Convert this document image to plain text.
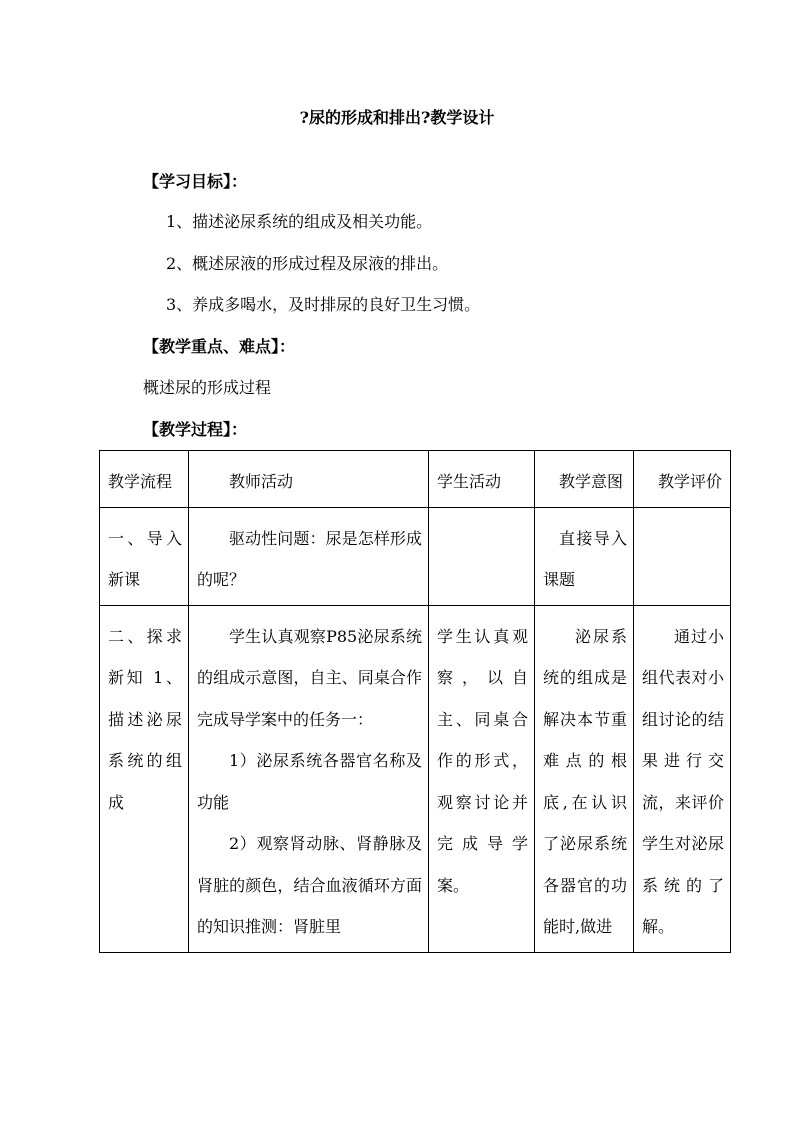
?尿的形成和排出?教学设计
【学习目标】：
1、描述泌尿系统的组成及相关功能。
2、概述尿液的形成过程及尿液的排出。
3、养成多喝水，及时排尿的良好卫生习惯。
【教学重点、难点】：
概述尿的形成过程
【教学过程】：
教学流程	教师活动	学生活动	教学意图	教学评价

一、导入新课	驱动性问题：尿是怎样形成的呢？		直接导入课题	

二、探求新知 1、 描述泌尿系统的组成	学生认真观察P85泌尿系统的组成示意图，自主、同桌合作完成导学案中的任务一：
1）泌尿系统各器官名称及功能
2）观察肾动脉、肾静脉及肾脏的颜色，结合血液循环方面的知识推测：肾脏里	学生认真观察，以自主、同桌合作的形式，观察讨论并完成导学案。	泌尿系统的组成是解决本节重难点的根底,在认识了泌尿系统各器官的功能时,做进	通过小组代表对小组讨论的结果进行交流，来评价学生对泌尿系统的了解。
